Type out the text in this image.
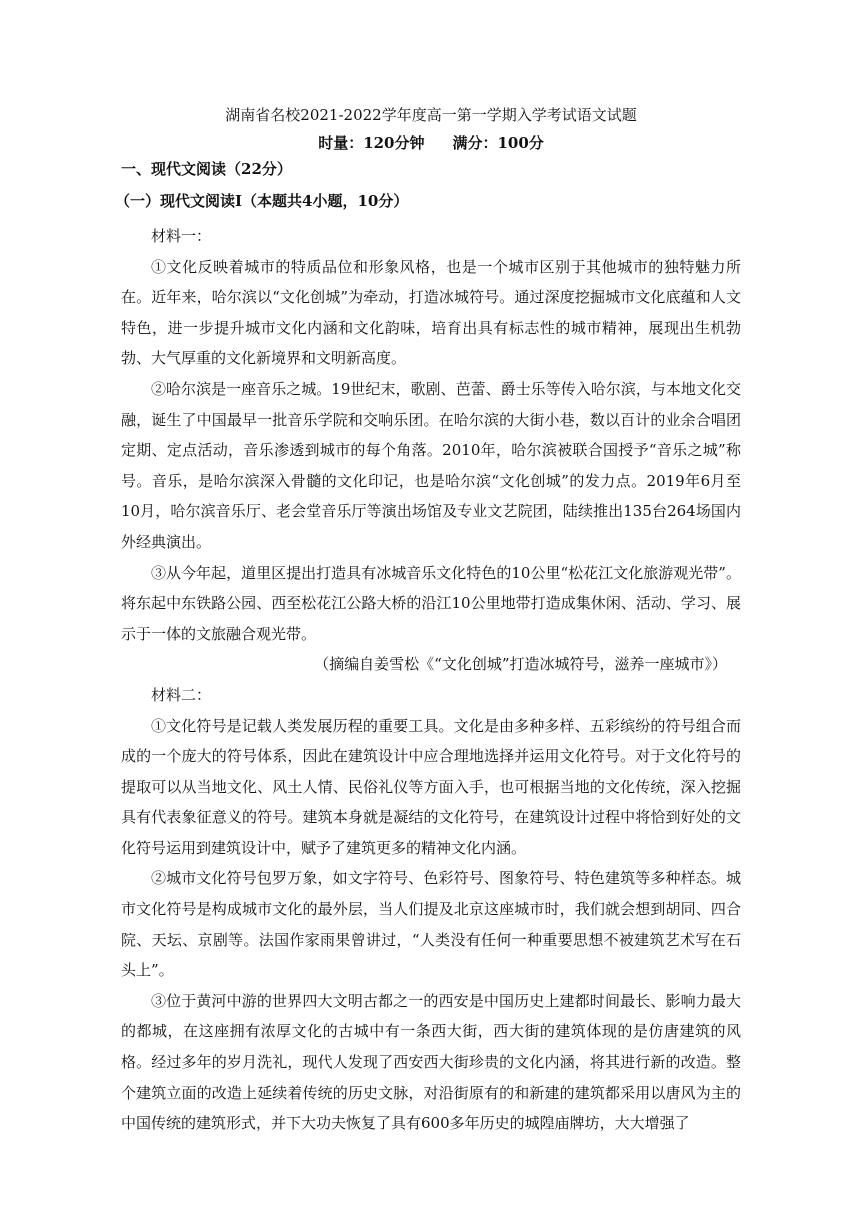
湖南省名校2021-2022学年度高一第一学期入学考试语文试题
时量：120分钟 满分：100分
一、现代文阅读（22分）
（一）现代文阅读Ⅰ（本题共4小题，10分）

材料一：

①文化反映着城市的特质品位和形象风格，也是一个城市区别于其他城市的独特魅力所在。近年来，哈尔滨以“文化创城”为牵动，打造冰城符号。通过深度挖掘城市文化底蕴和人文特色，进一步提升城市文化内涵和文化韵味，培育出具有标志性的城市精神，展现出生机勃勃、大气厚重的文化新境界和文明新高度。

②哈尔滨是一座音乐之城。19世纪末，歌剧、芭蕾、爵士乐等传入哈尔滨，与本地文化交融，诞生了中国最早一批音乐学院和交响乐团。在哈尔滨的大街小巷，数以百计的业余合唱团定期、定点活动，音乐渗透到城市的每个角落。2010年，哈尔滨被联合国授予“音乐之城”称号。音乐，是哈尔滨深入骨髓的文化印记，也是哈尔滨“文化创城”的发力点。2019年6月至10月，哈尔滨音乐厅、老会堂音乐厅等演出场馆及专业文艺院团，陆续推出135台264场国内外经典演出。

③从今年起，道里区提出打造具有冰城音乐文化特色的10公里“松花江文化旅游观光带”。将东起中东铁路公园、西至松花江公路大桥的沿江10公里地带打造成集休闲、活动、学习、展示于一体的文旅融合观光带。

（摘编自姜雪松《“文化创城”打造冰城符号，滋养一座城市》）

材料二：

①文化符号是记载人类发展历程的重要工具。文化是由多种多样、五彩缤纷的符号组合而成的一个庞大的符号体系，因此在建筑设计中应合理地选择并运用文化符号。对于文化符号的提取可以从当地文化、风土人情、民俗礼仪等方面入手，也可根据当地的文化传统，深入挖掘具有代表象征意义的符号。建筑本身就是凝结的文化符号，在建筑设计过程中将恰到好处的文化符号运用到建筑设计中，赋予了建筑更多的精神文化内涵。

②城市文化符号包罗万象，如文字符号、色彩符号、图象符号、特色建筑等多种样态。城市文化符号是构成城市文化的最外层，当人们提及北京这座城市时，我们就会想到胡同、四合院、天坛、京剧等。法国作家雨果曾讲过，“人类没有任何一种重要思想不被建筑艺术写在石头上”。

③位于黄河中游的世界四大文明古都之一的西安是中国历史上建都时间最长、影响力最大的都城，在这座拥有浓厚文化的古城中有一条西大街，西大街的建筑体现的是仿唐建筑的风格。经过多年的岁月洗礼，现代人发现了西安西大街珍贵的文化内涵，将其进行新的改造。整个建筑立面的改造上延续着传统的历史文脉，对沿街原有的和新建的建筑都采用以唐风为主的中国传统的建筑形式，并下大功夫恢复了具有600多年历史的城隍庙牌坊，大大增强了
